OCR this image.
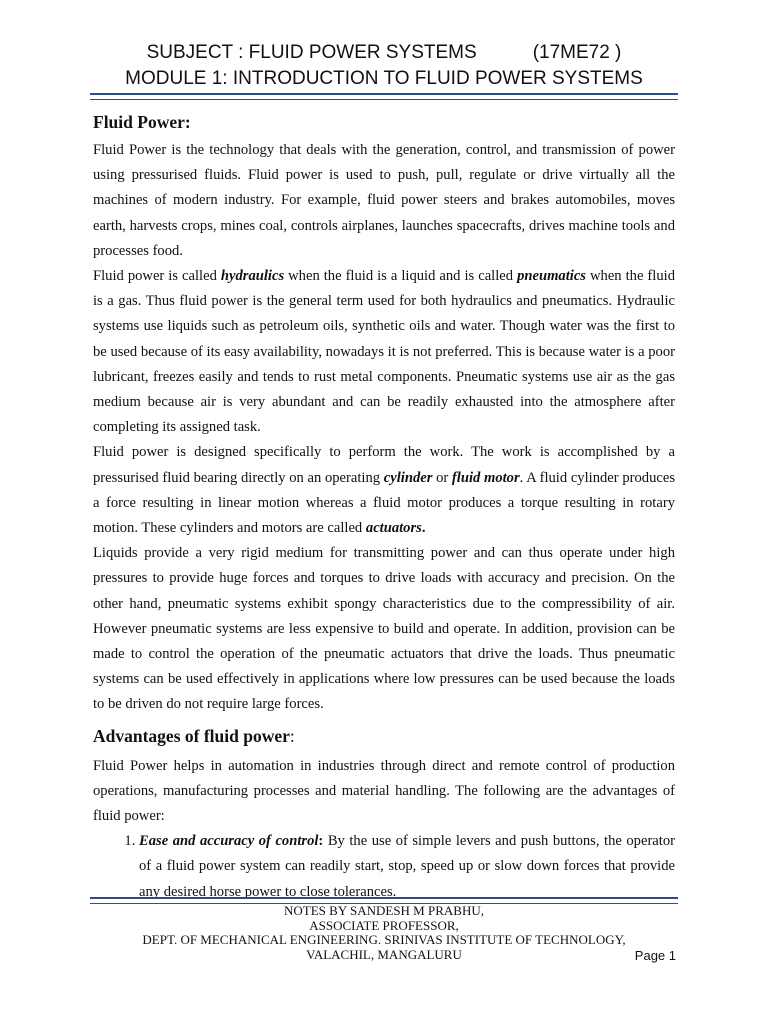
SUBJECT : FLUID POWER SYSTEMS	(17ME72 )
MODULE 1: INTRODUCTION TO FLUID POWER SYSTEMS
Fluid Power:

Fluid Power is the technology that deals with the generation, control, and transmission of power using pressurised fluids. Fluid power is used to push, pull, regulate or drive virtually all the machines of modern industry. For example, fluid power steers and brakes automobiles, moves earth, harvests crops, mines coal, controls airplanes, launches spacecrafts, drives machine tools and processes food.

Fluid power is called hydraulics when the fluid is a liquid and is called pneumatics when the fluid is a gas. Thus fluid power is the general term used for both hydraulics and pneumatics. Hydraulic systems use liquids such as petroleum oils, synthetic oils and water. Though water was the first to be used because of its easy availability, nowadays it is not preferred. This is because water is a poor lubricant, freezes easily and tends to rust metal components. Pneumatic systems use air as the gas medium because air is very abundant and can be readily exhausted into the atmosphere after completing its assigned task.

Fluid power is designed specifically to perform the work. The work is accomplished by a pressurised fluid bearing directly on an operating cylinder or fluid motor. A fluid cylinder produces a force resulting in linear motion whereas a fluid motor produces a torque resulting in rotary motion. These cylinders and motors are called actuators.

Liquids provide a very rigid medium for transmitting power and can thus operate under high pressures to provide huge forces and torques to drive loads with accuracy and precision. On the other hand, pneumatic systems exhibit spongy characteristics due to the compressibility of air. However pneumatic systems are less expensive to build and operate. In addition, provision can be made to control the operation of the pneumatic actuators that drive the loads. Thus pneumatic systems can be used effectively in applications where low pressures can be used because the loads to be driven do not require large forces.

Advantages of fluid power:

Fluid Power helps in automation in industries through direct and remote control of production operations, manufacturing processes and material handling. The following are the advantages of fluid power:

1. Ease and accuracy of control: By the use of simple levers and push buttons, the operator of a fluid power system can readily start, stop, speed up or slow down forces that provide any desired horse power to close tolerances.
NOTES BY SANDESH M PRABHU,
ASSOCIATE PROFESSOR,
DEPT. OF MECHANICAL ENGINEERING. SRINIVAS INSTITUTE OF TECHNOLOGY,
VALACHIL, MANGALURU	Page 1
